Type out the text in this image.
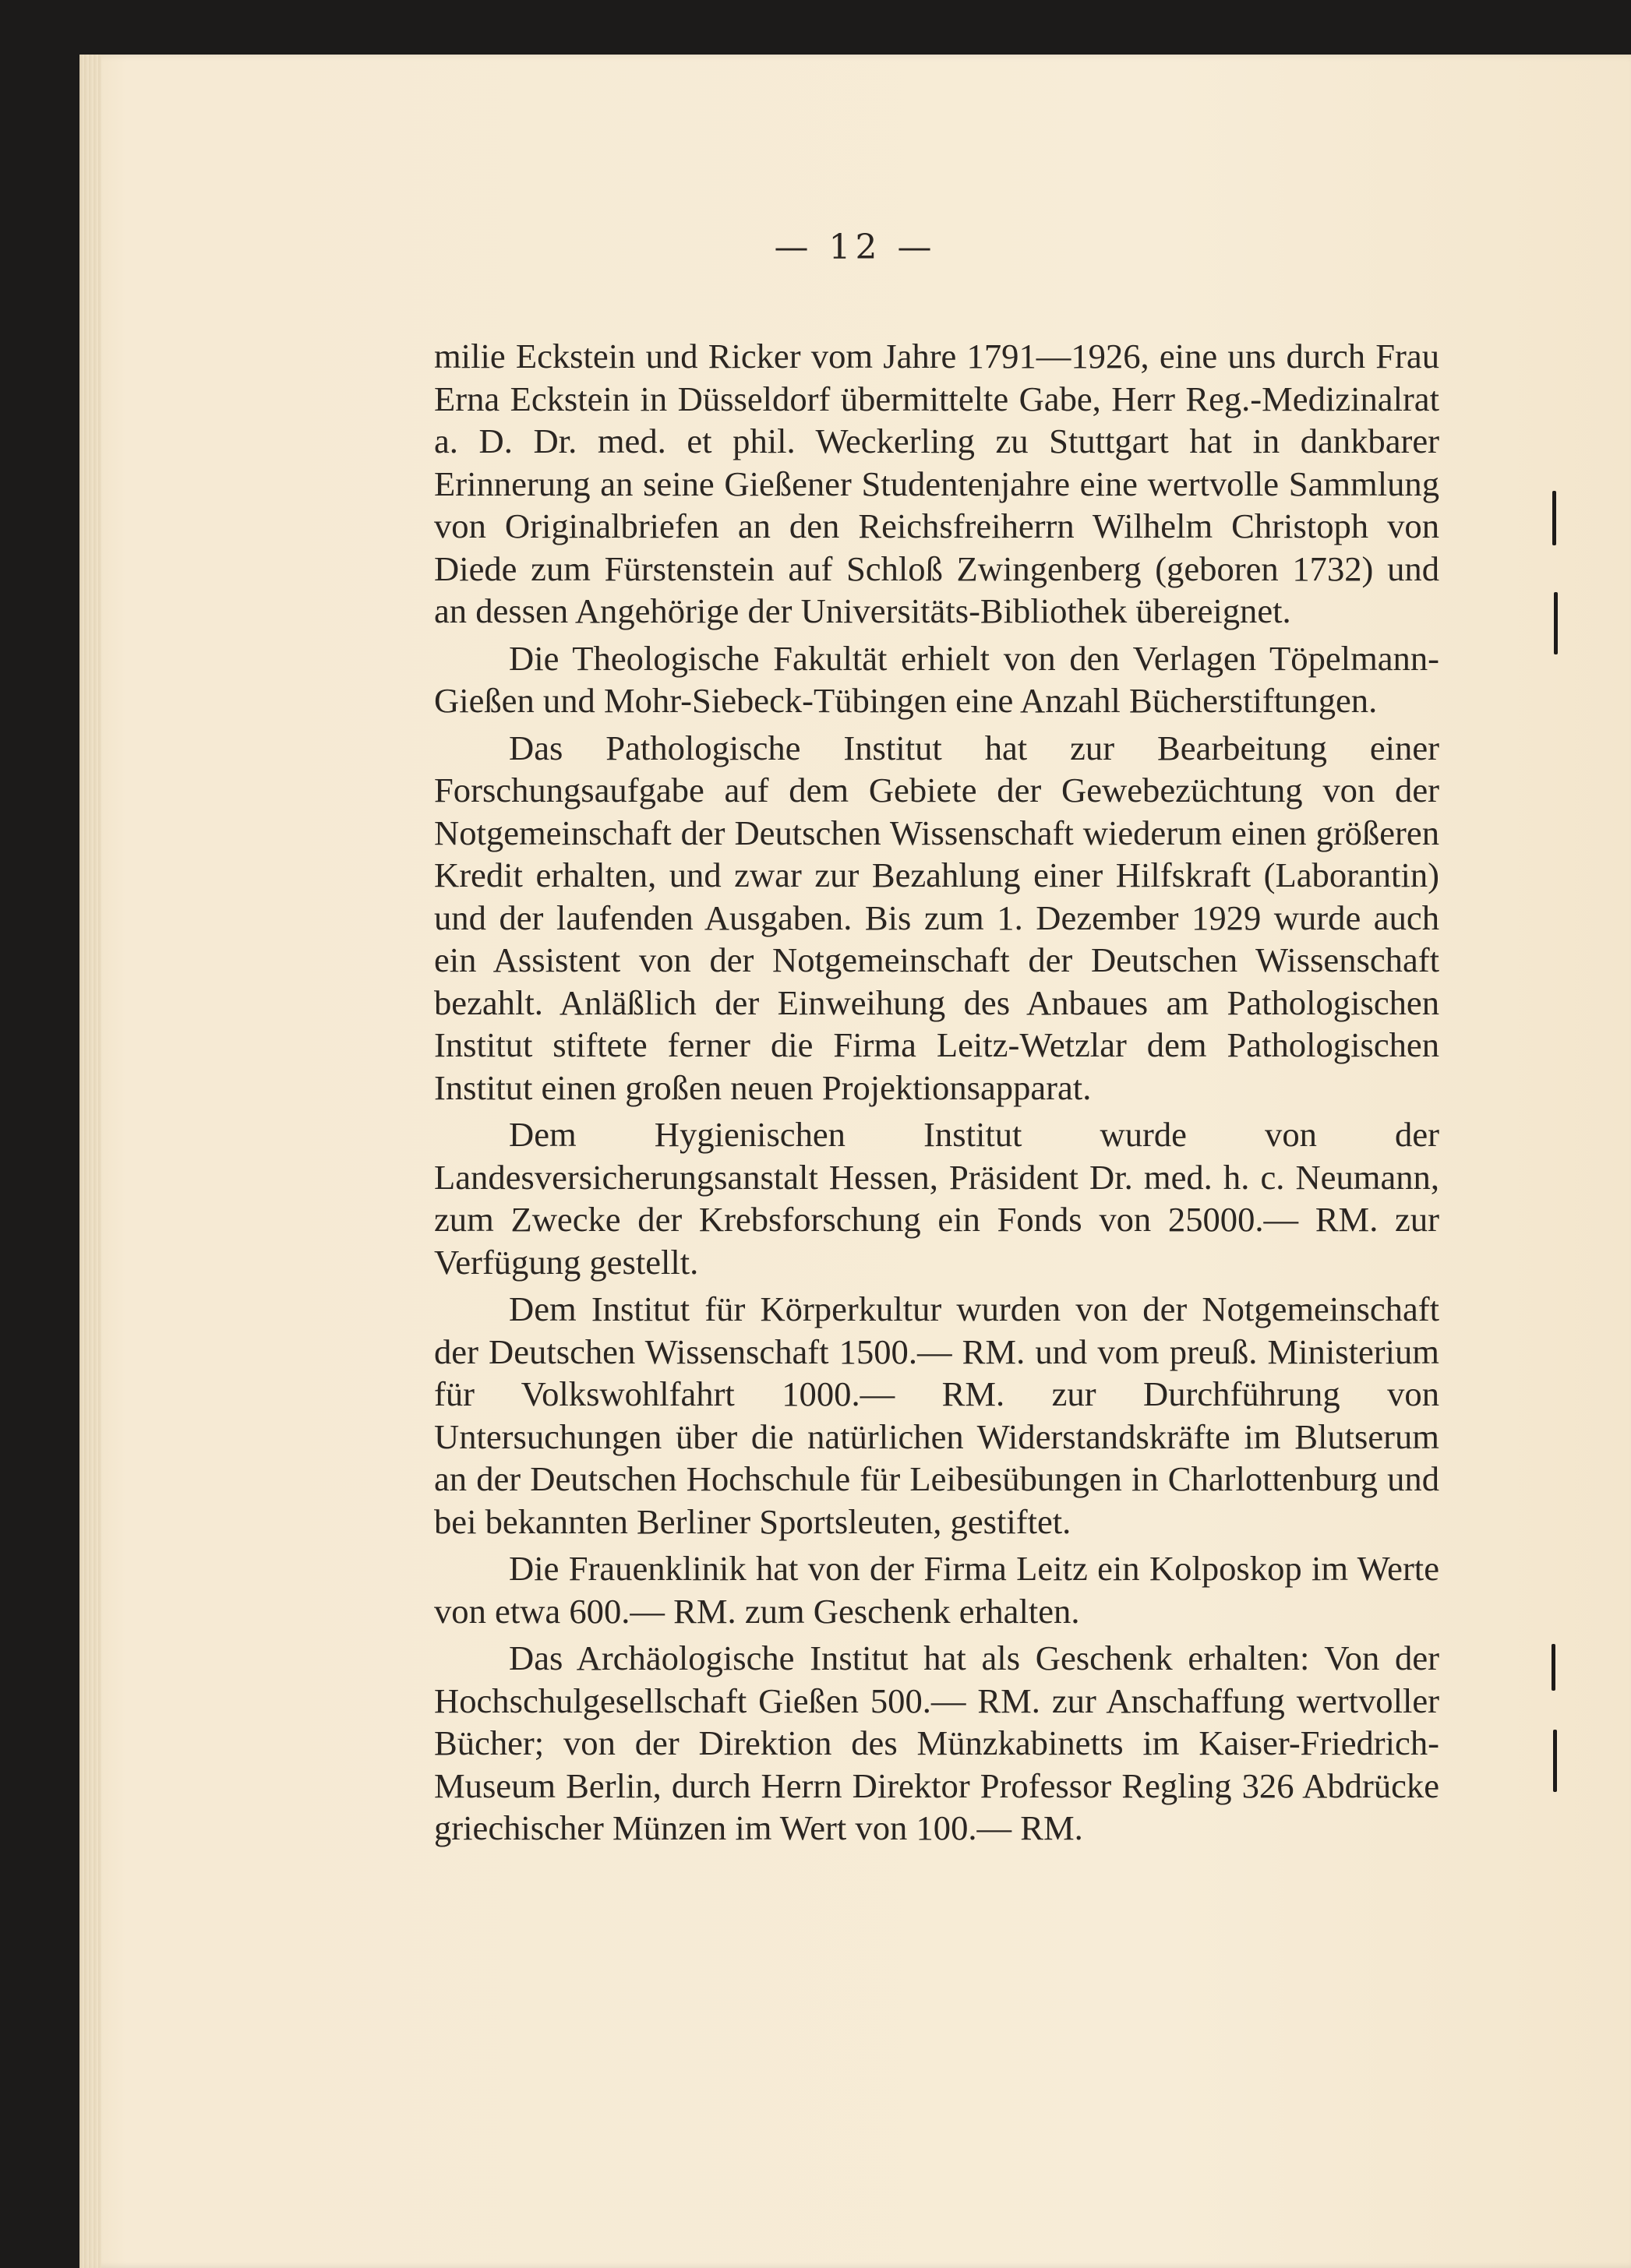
— 12 —

milie Eckstein und Ricker vom Jahre 1791—1926, eine uns durch Frau Erna Eckstein in Düsseldorf übermittelte Gabe, Herr Reg.-Medizinalrat a. D. Dr. med. et phil. Weckerling zu Stuttgart hat in dankbarer Erinnerung an seine Gießener Studentenjahre eine wertvolle Sammlung von Originalbriefen an den Reichsfreiherrn Wilhelm Christoph von Diede zum Fürstenstein auf Schloß Zwingenberg (geboren 1732) und an dessen Angehörige der Universitäts-Bibliothek übereignet.

Die Theologische Fakultät erhielt von den Verlagen Töpelmann-Gießen und Mohr-Siebeck-Tübingen eine Anzahl Bücherstiftungen.

Das Pathologische Institut hat zur Bearbeitung einer Forschungsaufgabe auf dem Gebiete der Gewebezüchtung von der Notgemeinschaft der Deutschen Wissenschaft wiederum einen größeren Kredit erhalten, und zwar zur Bezahlung einer Hilfskraft (Laborantin) und der laufenden Ausgaben. Bis zum 1. Dezember 1929 wurde auch ein Assistent von der Notgemeinschaft der Deutschen Wissenschaft bezahlt. Anläßlich der Einweihung des Anbaues am Pathologischen Institut stiftete ferner die Firma Leitz-Wetzlar dem Pathologischen Institut einen großen neuen Projektionsapparat.

Dem Hygienischen Institut wurde von der Landesversicherungsanstalt Hessen, Präsident Dr. med. h. c. Neumann, zum Zwecke der Krebsforschung ein Fonds von 25000.— RM. zur Verfügung gestellt.

Dem Institut für Körperkultur wurden von der Notgemeinschaft der Deutschen Wissenschaft 1500.— RM. und vom preuß. Ministerium für Volkswohlfahrt 1000.— RM. zur Durchführung von Untersuchungen über die natürlichen Widerstandskräfte im Blutserum an der Deutschen Hochschule für Leibesübungen in Charlottenburg und bei bekannten Berliner Sportsleuten, gestiftet.

Die Frauenklinik hat von der Firma Leitz ein Kolposkop im Werte von etwa 600.— RM. zum Geschenk erhalten.

Das Archäologische Institut hat als Geschenk erhalten: Von der Hochschulgesellschaft Gießen 500.— RM. zur Anschaffung wertvoller Bücher; von der Direktion des Münzkabinetts im Kaiser-Friedrich-Museum Berlin, durch Herrn Direktor Professor Regling 326 Abdrücke griechischer Münzen im Wert von 100.— RM.
